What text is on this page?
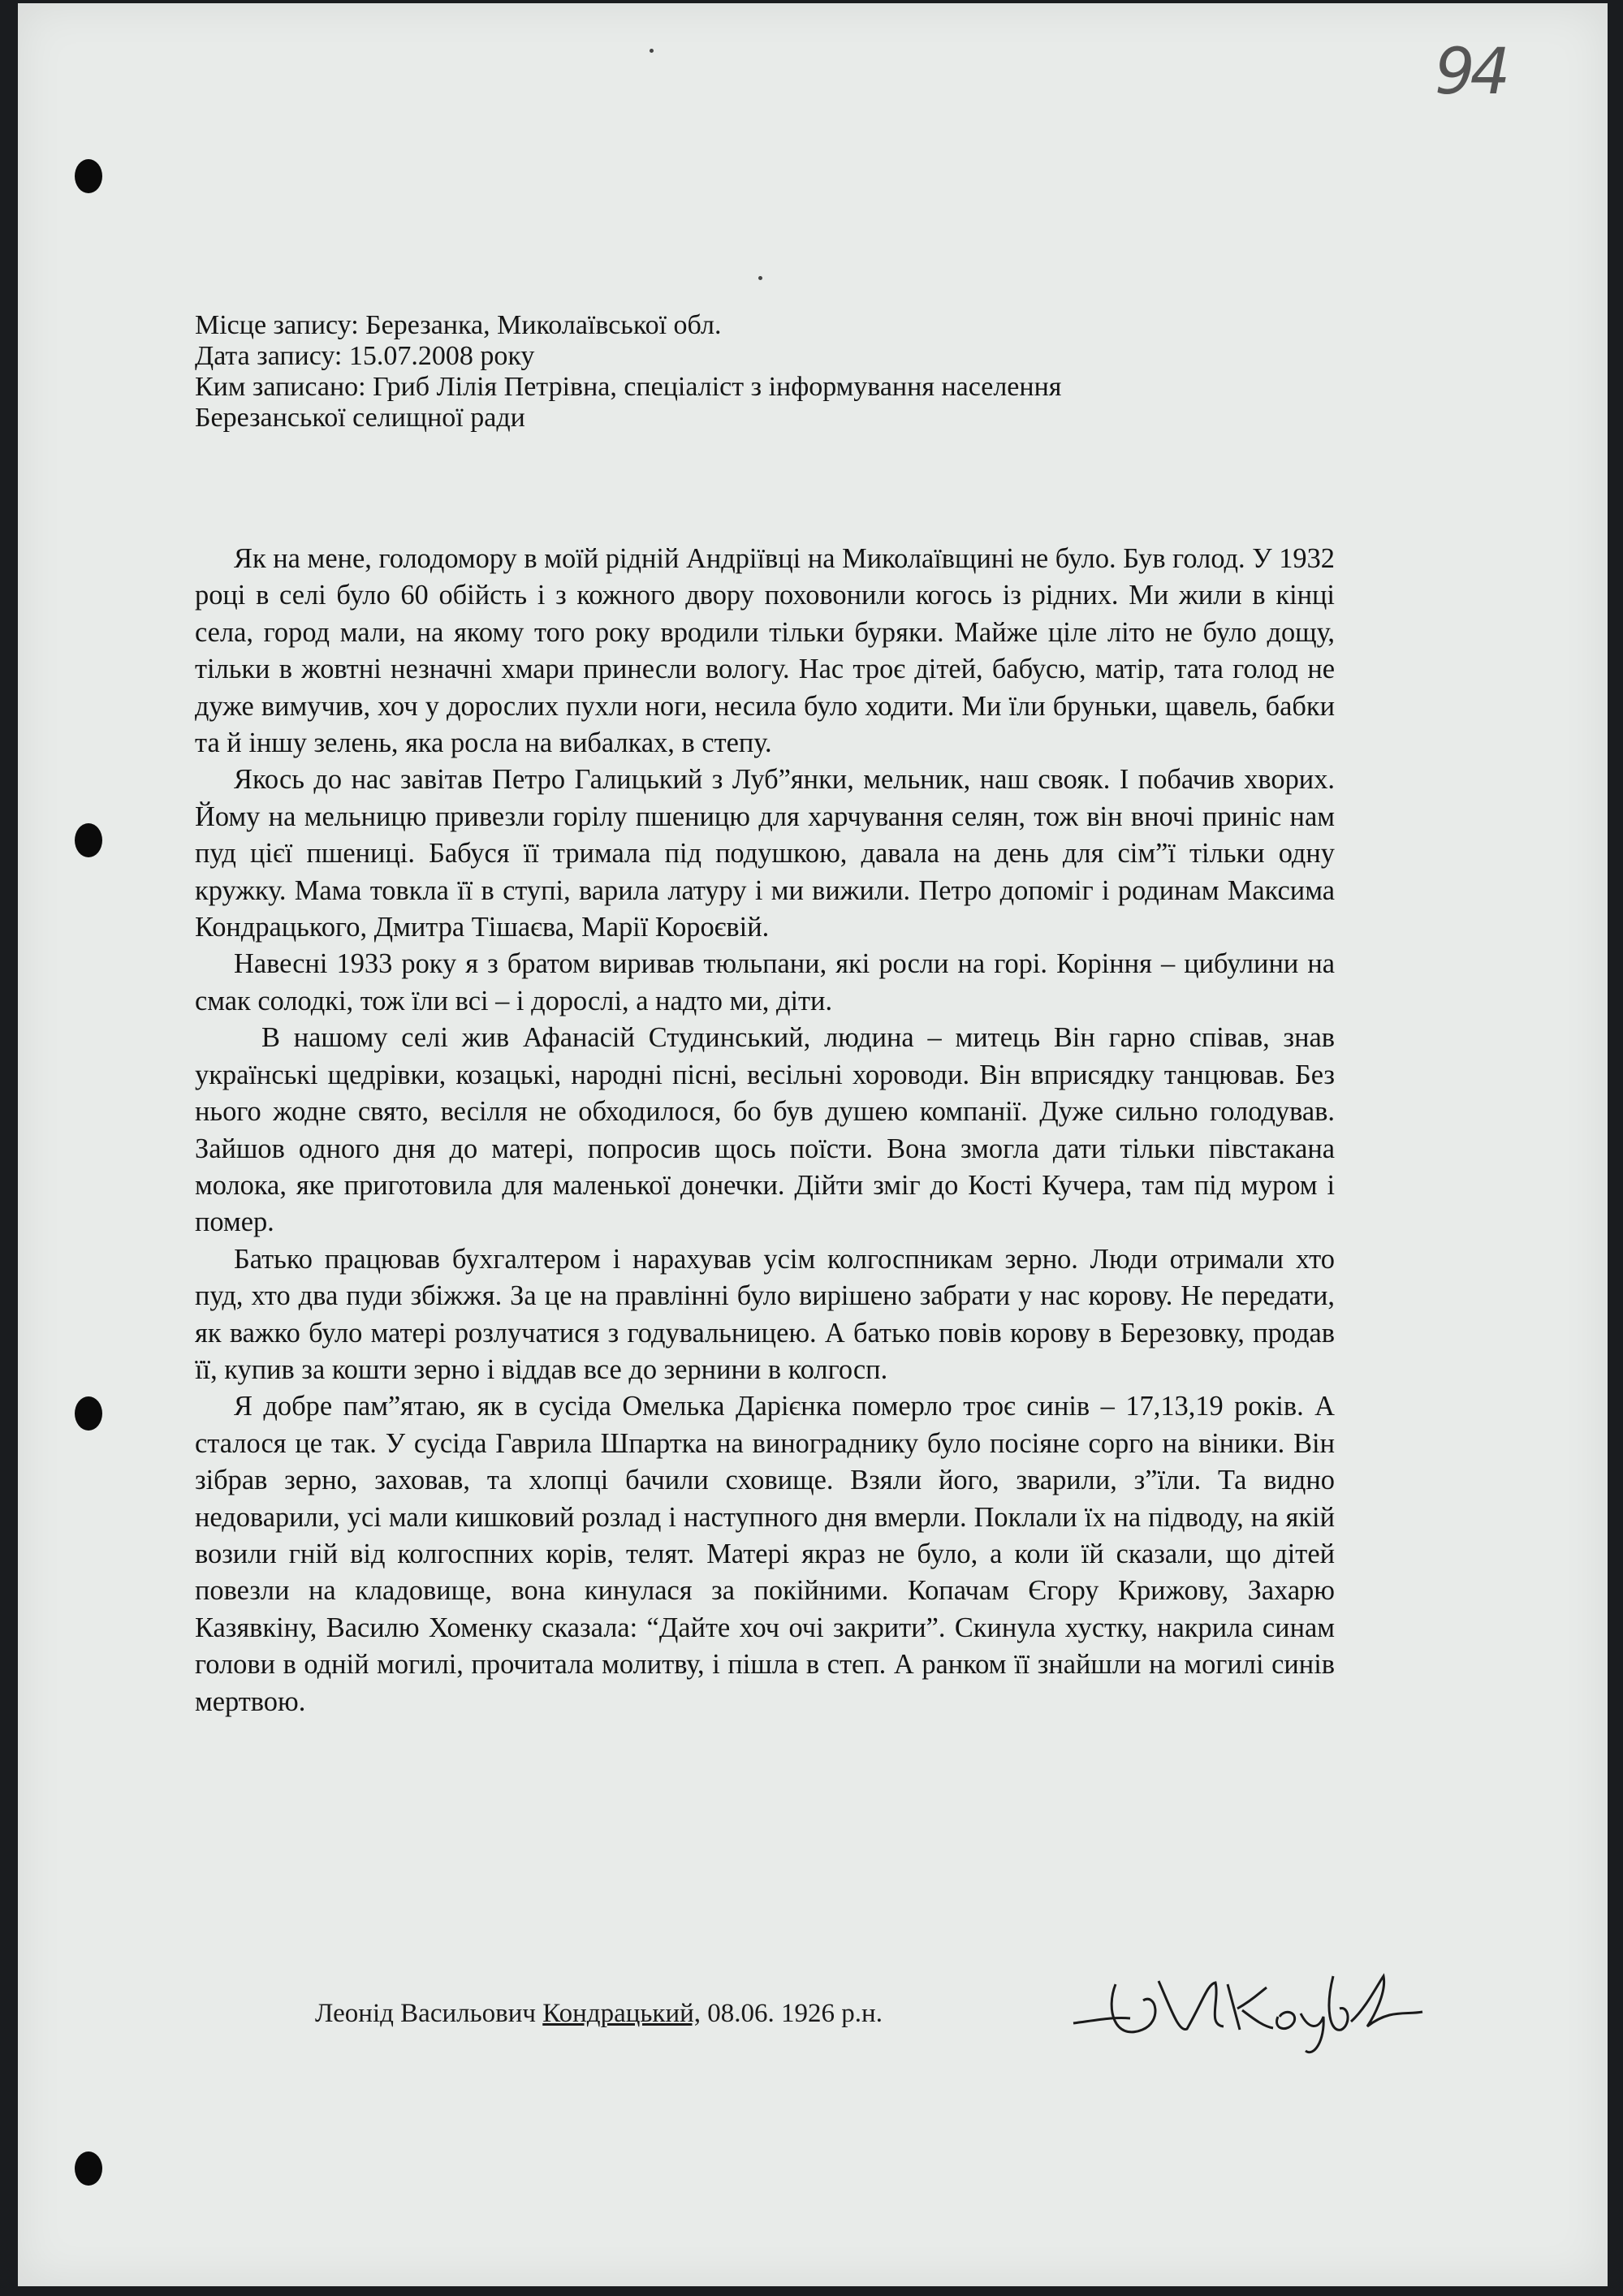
94
Місце запису: Березанка, Миколаївської обл.
Дата запису: 15.07.2008 року
Ким записано: Гриб Лілія Петрівна, спеціаліст з інформування населення
Березанської селищної ради

Як на мене, голодомору в моїй рідній Андріївці на Миколаївщині не було. Був голод. У 1932 році в селі було 60 обійсть і з кожного двору поховонили когось із рідних. Ми жили в кінці села, город мали, на якому того року вродили тільки буряки. Майже ціле літо не було дощу, тільки в жовтні незначні хмари принесли вологу. Нас троє дітей, бабусю, матір, тата голод не дуже вимучив, хоч у дорослих пухли ноги, несила було ходити. Ми їли бруньки, щавель, бабки та й іншу зелень, яка росла на вибалках, в степу.

Якось до нас завітав Петро Галицький з Луб”янки, мельник, наш свояк. І побачив хворих. Йому на мельницю привезли горілу пшеницю для харчування селян, тож він вночі приніс нам пуд цієї пшениці. Бабуся її тримала під подушкою, давала на день для сім”ї тільки одну кружку. Мама товкла її в ступі, варила латуру і ми вижили. Петро допоміг і родинам Максима Кондрацького, Дмитра Тішаєва, Марії Короєвій.

Навесні 1933 року я з братом виривав тюльпани, які росли на горі. Коріння – цибулини на смак солодкі, тож їли всі – і дорослі, а надто ми, діти.

В нашому селі жив Афанасій Студинський, людина – митець Він гарно співав, знав українські щедрівки, козацькі, народні пісні, весільні хороводи. Він вприсядку танцював. Без нього жодне свято, весілля не обходилося, бо був душею компанії. Дуже сильно голодував. Зайшов одного дня до матері, попросив щось поїсти. Вона змогла дати тільки півстакана молока, яке приготовила для маленької донечки. Дійти зміг до Кості Кучера, там під муром і помер.

Батько працював бухгалтером і нарахував усім колгоспникам зерно. Люди отримали хто пуд, хто два пуди збіжжя. За це на правлінні було вирішено забрати у нас корову. Не передати, як важко було матері розлучатися з годувальницею. А батько повів корову в Березовку, продав її, купив за кошти зерно і віддав все до зернини в колгосп.

Я добре пам”ятаю, як в сусіда Омелька Дарієнка померло троє синів – 17,13,19 років. А сталося це так. У сусіда Гаврила Шпартка на винограднику було посіяне сорго на віники. Він зібрав зерно, заховав, та хлопці бачили сховище. Взяли його, зварили, з”їли. Та видно недоварили, усі мали кишковий розлад і наступного дня вмерли. Поклали їх на підводу, на якій возили гній від колгоспних корів, телят. Матері якраз не було, а коли їй сказали, що дітей повезли на кладовище, вона кинулася за покійними. Копачам Єгору Крижову, Захарю Казявкіну, Василю Хоменку сказала: “Дайте хоч очі закрити”. Скинула хустку, накрила синам голови в одній могилі, прочитала молитву, і пішла в степ. А ранком її знайшли на могилі синів мертвою.

Леонід Васильович Кондрацький, 08.06. 1926 р.н.
